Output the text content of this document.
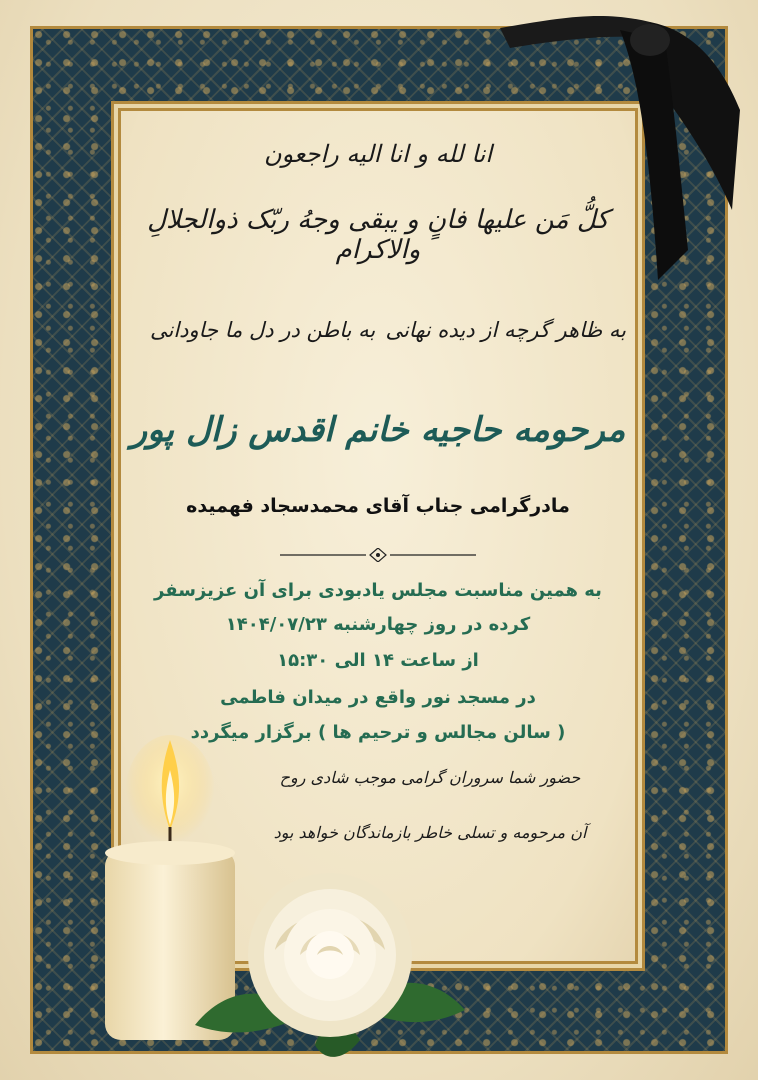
انا لله و انا الیه راجعون

کلُّ مَن علیها فانٍ و یبقی وجهُ ربّک ذوالجلالِ والاکرام

به ظاهر گرچه از دیده نهانی
به باطن در دل ما جاودانی

مرحومه حاجیه خانم اقدس زال پور

مادرگرامی جناب آقای محمدسجاد فهمیده

به همین مناسبت مجلس یادبودی برای آن عزیزسفر

کرده در روز چهارشنبه ۱۴۰۴/۰۷/۲۳

از ساعت ۱۴ الی ۱۵:۳۰

در مسجد نور واقع در میدان فاطمی

( سالن مجالس و ترحیم ها ) برگزار میگردد

حضور شما سروران گرامی موجب شادی روح

آن مرحومه و تسلی خاطر بازماندگان خواهد بود
